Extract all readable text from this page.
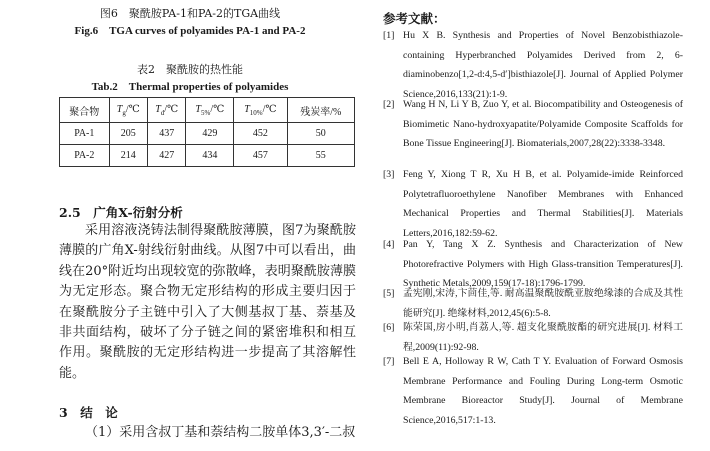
图6　聚酰胺PA-1和PA-2的TGA曲线
Fig.6　TGA curves of polyamides PA-1 and PA-2
表2　聚酰胺的热性能
Tab.2　Thermal properties of polyamides
聚合物	$T_g/℃$	$T_d/℃$	$T_{5\%}/℃$	$T_{10\%}/℃$	残炭率/%
PA-1	205	437	429	452	50
PA-2	214	427	434	457	55
2.5　广角X-衍射分析

采用溶液浇铸法制得聚酰胺薄膜，图7为聚酰胺薄膜的广角X-射线衍射曲线。从图7中可以看出，曲线在20°附近均出现较宽的弥散峰，表明聚酰胺薄膜为无定形态。聚合物无定形结构的形成主要归因于在聚酰胺分子主链中引入了大侧基叔丁基、萘基及非共面结构，破坏了分子链之间的紧密堆积和相互作用。聚酰胺的无定形结构进一步提高了其溶解性能。

3　结　论

（1）采用含叔丁基和萘结构二胺单体3,3′-二叔

参考文献：
[1] Hu X B. Synthesis and Properties of Novel Benzobisthiazole-containing Hyperbranched Polyamides Derived from 2, 6-diaminobenzo[1,2-d:4,5-d′]bisthiazole[J]. Journal of Applied Polymer Science,2016,133(21):1-9.
[2] Wang H N, Li Y B, Zuo Y, et al. Biocompatibility and Osteogenesis of Biomimetic Nano-hydroxyapatite/Polyamide Composite Scaffolds for Bone Tissue Engineering[J]. Biomaterials,2007,28(22):3338-3348.
[3] Feng Y, Xiong T R, Xu H B, et al. Polyamide-imide Reinforced Polytetrafluoroethylene Nanofiber Membranes with Enhanced Mechanical Properties and Thermal Stabilities[J]. Materials Letters,2016,182:59-62.
[4] Pan Y, Tang X Z. Synthesis and Characterization of New Photorefractive Polymers with High Glass-transition Temperatures[J]. Synthetic Metals,2009,159(17-18):1796-1799.
[5] 孟宪刚,宋涛,卞茴佳,等. 耐高温聚酰胺酰亚胺绝缘漆的合成及其性能研究[J]. 绝缘材料,2012,45(6):5-8.
[6] 陈荣国,房小明,肖荔人,等. 超支化聚酰胺酯的研究进展[J]. 材料工程,2009(11):92-98.
[7] Bell E A, Holloway R W, Cath T Y. Evaluation of Forward Osmosis Membrane Performance and Fouling During Long-term Osmotic Membrane Bioreactor Study[J]. Journal of Membrane Science,2016,517:1-13.
